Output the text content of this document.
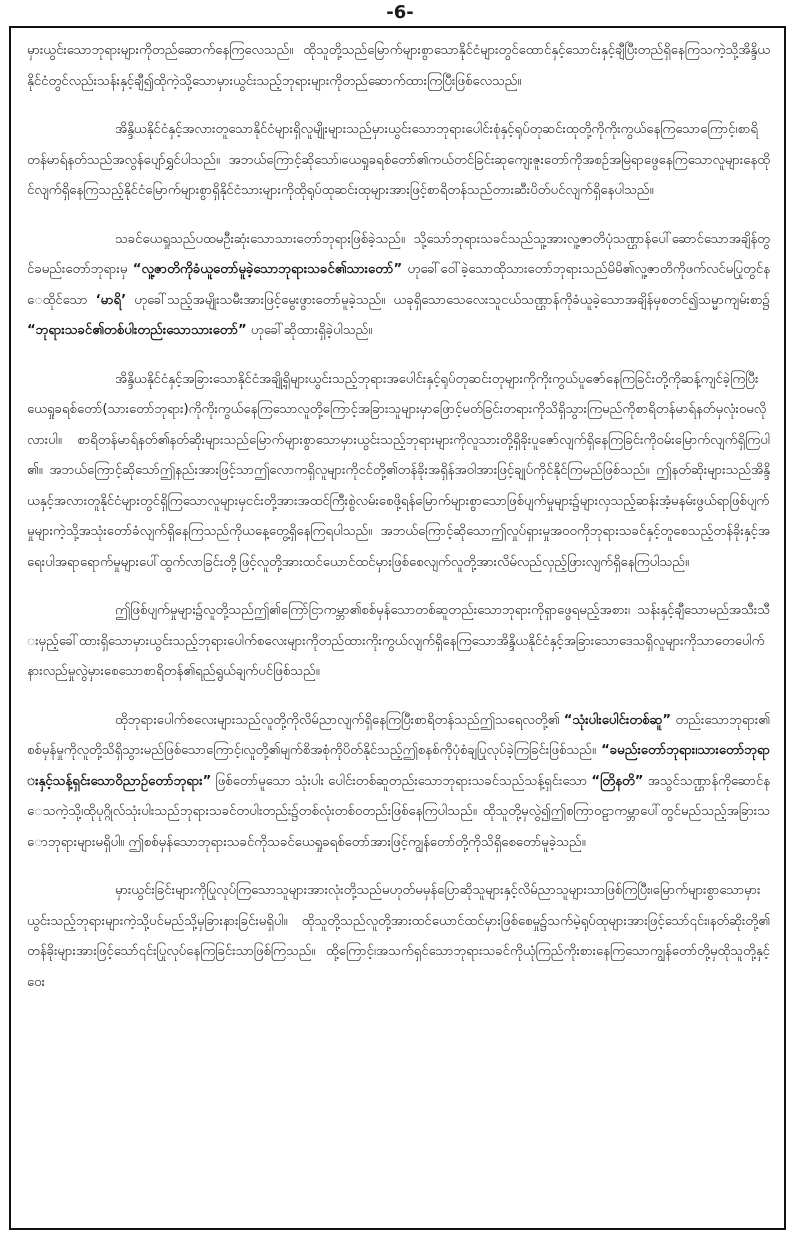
-6-

မှားယွင်းသောဘုရားများကိုတည်ဆောက်နေကြလေသည်။ ထိုသူတို့သည်မြောက်များစွာသောနိုင်ငံများတွင်ထောင်နှင့်သောင်းနှင့်ချီပြီးတည်ရှိနေကြသကဲ့သို့အိန္ဒိယနိုင်ငံတွင်လည်းသန်းနှင့်ချီ၍ထိုကဲ့သို့သောမှားယွင်းသည့်ဘုရားများကိုတည်ဆောက်ထားကြပြီးဖြစ်လေသည်။

အိန္ဒိယနိုင်ငံနှင့်အလားတူသောနိုင်ငံများရှိလူမျိုးများသည်မှားယွင်းသောဘုရားပေါင်းစုံနှင့်ရုပ်တုဆင်းထုတို့ကိုကိုးကွယ်နေကြသောကြောင့်၊စာရိတန်မာရ်နတ်သည်အလွန်ပျော်ရွှင်ပါသည်။ အဘယ်ကြောင့်ဆိုသော်၊ယေရှုခရစ်တော်၏ကယ်တင်ခြင်းဆုကျေးဇူးတော်ကိုအစဉ်အမြဲရာဖွေနေကြသောလူများနေထိုင်လျက်ရှိနေကြသည့်နိုင်ငံမြောက်များစွာရှိနိုင်ငံသားများကိုထိုရုပ်ထုဆင်းထုများအားဖြင့်စာရိတန်သည်တားဆီးပိတ်ပင်လျက်ရှိနေပါသည်။

သခင်ယေရှုသည်ပထမဦးဆုံးသောသားတော်ဘုရားဖြစ်ခဲ့သည်။ သို့သော်ဘုရားသခင်သည်သူ့အားလူ့ဇာတိပုံသဏ္ဌာန်ပေါ်ဆောင်သောအချိန်တွင်ခမည်းတော်ဘုရားမှ “လူ့ဇာတိကိုခံယူတော်မူခဲ့သောဘုရားသခင်၏သားတော်” ဟုခေါ်ဝေါ်ခဲ့သောထိုသားတော်ဘုရားသည်မိမိ၏လူ့ဇာတိကိုဖက်လင်မပြုတွင်နေထိုင်သော ‘မာရိ’ ဟုခေါ်သည့်အမျိုးသမီးအားဖြင့်မွေးဖွားတော်မူခဲ့သည်။ ယခုရှိသောသေလေးသူငယ်သဏ္ဌာန်ကိုခံယူခဲ့သောအချိန်မှစတင်၍သမ္မာကျမ်းစာ၌ “ဘုရားသခင်၏တစ်ပါးတည်းသောသားတော်” ဟုခေါ်ဆိုထားရှိခဲ့ပါသည်။

အိန္ဒိယနိုင်ငံနှင့်အခြားသောနိုင်ငံအချို့ရှိများယွင်းသည့်ဘုရားအပေါင်းနှင့်ရုပ်တုဆင်းတုများကိုကိုးကွယ်ပူဇော်နေကြခြင်းတို့ကိုဆန့်ကျင်ခဲ့ကြပြီးယေရှုခရစ်တော်(သားတော်ဘုရား)ကိုကိုးကွယ်နေကြသောလူတို့ကြောင့်အခြားသူများမှာဖြောင့်မတ်ခြင်းတရားကိုသိရှိသွားကြမည်ကိုစာရိတန်မာရ်နတ်မှလုံးဝမလိုလားပါ။ စာရိတန်မာရ်နတ်၏နတ်ဆိုးများသည်မြောက်များစွာသောမှားယွင်းသည့်ဘုရားများကိုလူသားတို့ရှိခိုးပူဇော်လျက်ရှိနေကြခြင်းကိုဝမ်းမြောက်လျက်ရှိကြပါ၏။ အဘယ်ကြောင့်ဆိုသော်ဤနည်းအားဖြင့်သာဤလောကရှိလူများကိုငင်တို့၏တန်ခိုးအရှိန်အဝါအားဖြင့်ချုပ်ကိုင်နိုင်ကြမည်ဖြစ်သည်။ ဤနတ်ဆိုးများသည်အိန္ဒိယနှင့်အလားတူနိုင်ငံများတွင်ရှိကြသောလူများမှငင်းတို့အားအထင်ကြီးစွဲလမ်းစေဖို့ရန်မြောက်များစွာသောဖြစ်ပျက်မှုများ၌များလှသည့်ဆန်းအံ့မနမ်းဖွယ်ရာဖြစ်ပျက်မှုများကဲ့သို့အသုံးတော်ခံလျက်ရှိနေကြသည်ကိုယနေ့တွေ့ရှိနေကြရပါသည်။ အဘယ်ကြောင့်ဆိုသောဤလှုပ်ရှားမှုအဝဝကိုဘုရားသခင်နှင့်တူစေသည့်တန်ခိုးနှင့်အရေးပါအရာရောက်မှုများပေါ်ထွက်လာခြင်းတို့ဖြင့်လူတို့အားထင်ယောင်ထင်မှားဖြစ်စေလျက်လူတို့အားလိမ်လည်လှည့်ဖြားလျက်ရှိနေကြပါသည်။

ဤဖြစ်ပျက်မှုများ၌လူတို့သည်ဤ၏ကြော်ငြာကမ္ဘာ၏စစ်မှန်သောတစ်ဆူတည်းသောဘုရားကိုရှာဖွေရမည့်အစား၊ သန်းနှင့်ချီသောမည်အသီးသီးမှည့်ခေါ်ထားရှိသောမှားယွင်းသည့်ဘုရားပေါက်စလေးများကိုတည်ထားကိုးကွယ်လျက်ရှိနေကြသောအိန္ဒိယနိုင်ငံနှင့်အခြားသောဒေသရှိလူများကိုသာတေပေါက်နားလည်မှုလွဲမှားစေသောစာရိတန်၏ရည်ရွယ်ချက်ပင်ဖြစ်သည်။

ထိုဘုရားပေါက်စလေးများသည်လူတို့ကိုလိမ်ညာလျက်ရှိနေကြပြီးစာရိတန်သည်ဤသရေလတို့၏ “သုံးပါးပေါင်းတစ်ဆူ” တည်းသောဘုရား၏စစ်မှန်မှုကိုလူတို့သိရှိသွားမည်ဖြစ်သောကြောင့်၊လူတို့၏မျက်စိအစုံကိုပိတ်နိုင်သည့်ဤစနစ်ကိုပုံစံချပြုလုပ်ခဲ့ကြခြင်းဖြစ်သည်။ “ခမည်းတော်ဘုရား၊သားတော်ဘုရားနှင့်သန့်ရှင်းသောဝိညာဉ်တော်ဘုရား” ဖြစ်တော်မူသော သုံးပါး ပေါင်းတစ်ဆူတည်းသောဘုရားသခင်သည်သန့်ရှင်းသော “တြိနတိ” အသွင်သဏ္ဌာန်ကိုဆောင်နေသကဲ့သို့၊ထိုပုဂ္ဂိုလ်သုံးပါးသည်ဘုရားသခင်တပါးတည်း၌တစ်လုံးတစ်ဝတည်းဖြစ်နေကြပါသည်။ ထိုသူတို့မှလွဲ၍ဤစကြာဝဠာကမ္ဘာပေါ်တွင်မည်သည့်အခြားသောဘုရားများမရှိပါ။ ဤစစ်မှန်သောဘုရားသခင်ကိုသခင်ယေရှုခရစ်တော်အားဖြင့်ကျွန်တော်တို့ကိုသိရှိစေတော်မူခဲ့သည်။

မှားယွင်းခြင်းများကိုပြုလုပ်ကြသောသူများအားလုံးတို့သည်မဟုတ်မမှန်ပြောဆိုသူများနှင့်လိမ်ညာသူများသာဖြစ်ကြပြီး၊မြောက်များစွာသောမှားယွင်းသည့်ဘုရားများကဲ့သို့ပင်မည်သို့မှခြားနားခြင်းမရှိပါ။ ထိုသူတို့သည်လူတို့အားထင်ယောင်ထင်မှားဖြစ်စေမှု၌သက်မဲ့ရုပ်ထုများအားဖြင့်သော်၎င်း၊နတ်ဆိုးတို့၏တန်ခိုးများအားဖြင့်သော်၎င်းပြုလုပ်နေကြခြင်းသာဖြစ်ကြသည်။ ထို့ကြောင့်၊အသက်ရှင်သောဘုရားသခင်ကိုယုံကြည်ကိုးစားနေကြသောကျွန်တော်တို့မှထိုသူတို့နှင့်ဝေး
